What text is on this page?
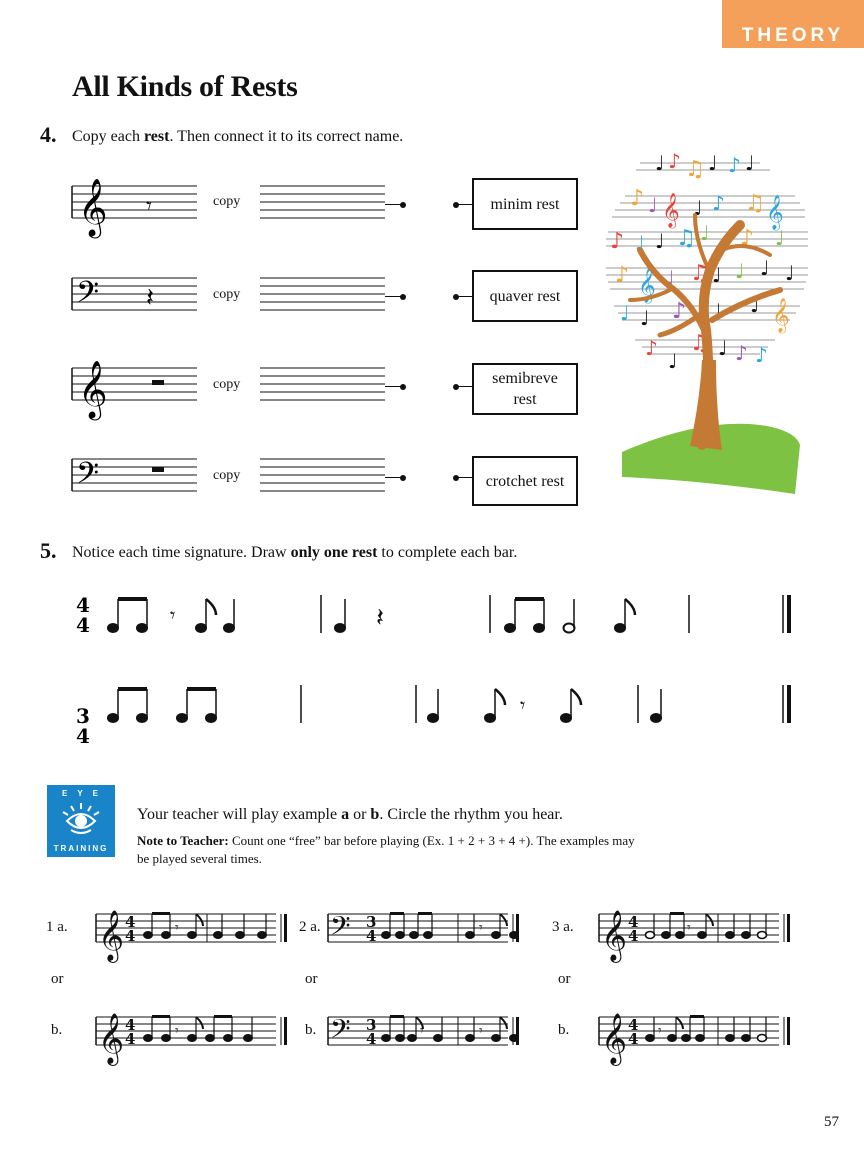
THEORY
All Kinds of Rests
4. Copy each rest. Then connect it to its correct name.
𝄞 𝄾
𝄢 𝄽
𝄞
𝄢
copy
copy
copy
copy
minim rest
quaver rest
semibreve
rest
crotchet rest
♩ ♪ ♫ ♩ ♪ ♩
♪ ♩ 𝄞 ♩ ♪ ♫ 𝄞
♪ ♩ ♩ ♫ ♩ ♪ ♩
♪ 𝄞 ♩ ♫ ♩ ♩ ♩ ♩
♩ ♩ ♪ ♩ ♩ 𝄞
♪
♩
♫ ♩ ♪ ♪
5. Notice each time signature. Draw only one rest to complete each bar.
4
4
3
4
𝄾	𝄽
𝄾
EYE
TRAINING
Your teacher will play example a or b. Circle the rhythm you hear.
Note to Teacher: Count one “free” bar before playing (Ex. 1 + 2 + 3 + 4 +). The examples may be played several times.
1 a.
or
b.
2 a.
or
b.
3 a.
or
b.
𝄞
𝄞
𝄢
𝄢
𝄞
𝄞
4
4
4
4
3
4
3
4
4
4
4
4
𝄾
𝄾
𝄾
𝄾	𝄾
𝄾
𝄾
57
